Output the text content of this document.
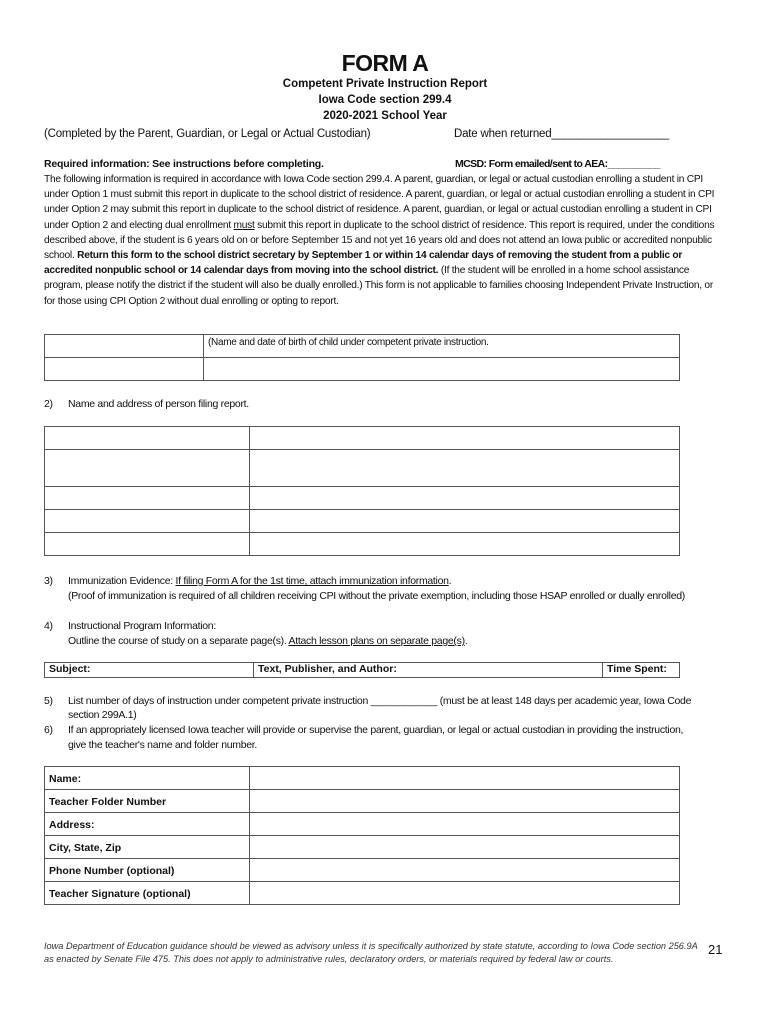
FORM A
Competent Private Instruction Report
Iowa Code section 299.4
2020-2021 School Year
(Completed by the Parent, Guardian, or Legal or Actual Custodian)	Date when returned___________________
Required information: See instructions before completing.	MCSD: Form emailed/sent to AEA:__________
The following information is required in accordance with Iowa Code section 299.4. A parent, guardian, or legal or actual custodian enrolling a student in CPI under Option 1 must submit this report in duplicate to the school district of residence. A parent, guardian, or legal or actual custodian enrolling a student in CPI under Option 2 may submit this report in duplicate to the school district of residence. A parent, guardian, or legal or actual custodian enrolling a student in CPI under Option 2 and electing dual enrollment must submit this report in duplicate to the school district of residence. This report is required, under the conditions described above, if the student is 6 years old on or before September 15 and not yet 16 years old and does not attend an Iowa public or accredited nonpublic school. Return this form to the school district secretary by September 1 or within 14 calendar days of removing the student from a public or accredited nonpublic school or 14 calendar days from moving into the school district. (If the student will be enrolled in a home school assistance program, please notify the district if the student will also be dually enrolled.) This form is not applicable to families choosing Independent Private Instruction, or for those using CPI Option 2 without dual enrolling or opting to report.
	(Name and date of birth of child under competent private instruction.

2) Name and address of person filing report.

3) Immunization Evidence: If filing Form A for the 1st time, attach immunization information.
(Proof of immunization is required of all children receiving CPI without the private exemption, including those HSAP enrolled or dually enrolled)
4) Instructional Program Information:
Outline the course of study on a separate page(s). Attach lesson plans on separate page(s).
Subject:	Text, Publisher, and Author:	Time Spent:
5) List number of days of instruction under competent private instruction ____________ (must be at least 148 days per academic year, Iowa Code
section 299A.1)
6) If an appropriately licensed Iowa teacher will provide or supervise the parent, guardian, or legal or actual custodian in providing the instruction,
give the teacher's name and folder number.
Name:	
Teacher Folder Number	
Address:	
City, State, Zip	
Phone Number (optional)	
Teacher Signature (optional)	
Iowa Department of Education guidance should be viewed as advisory unless it is specifically authorized by state statute, according to Iowa Code section 256.9A as enacted by Senate File 475. This does not apply to administrative rules, declaratory orders, or materials required by federal law or courts.
21
